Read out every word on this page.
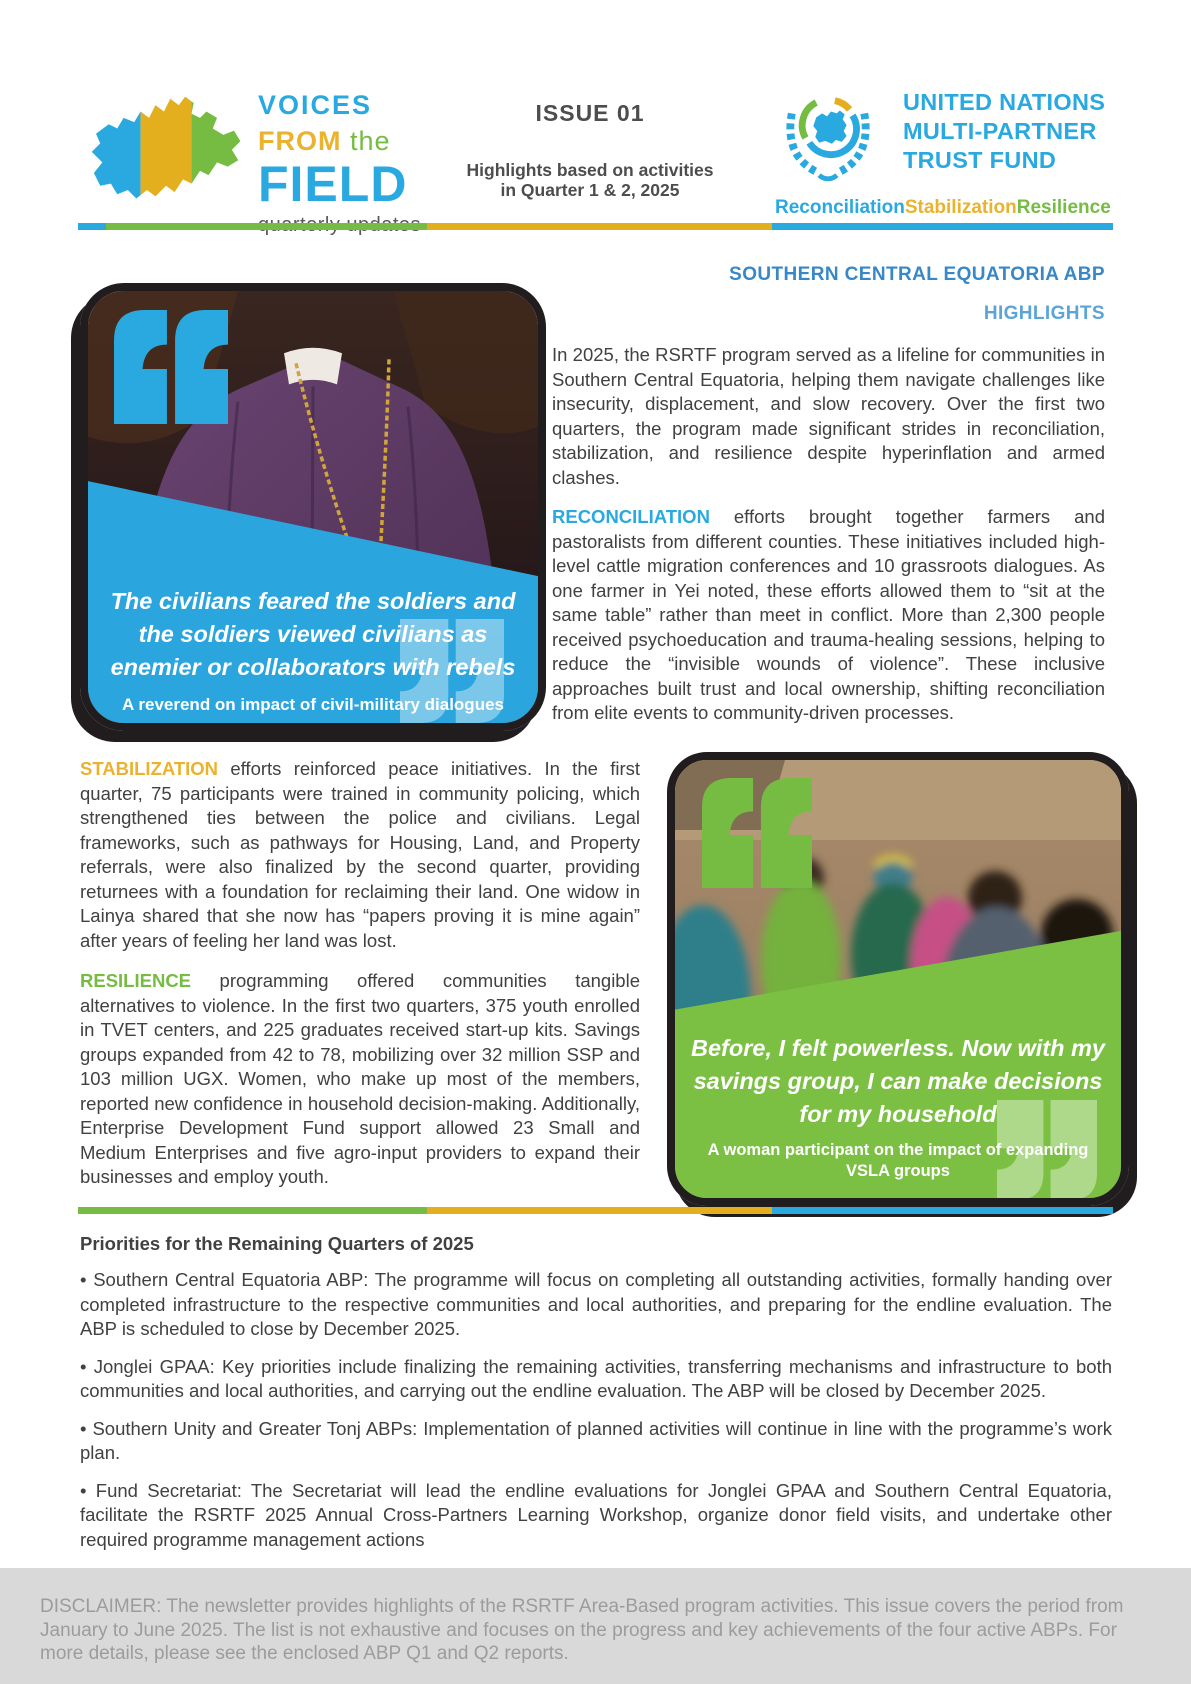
VOICES
FROM the
FIELD
ISSUE 01
Highlights based on activities
in Quarter 1 & 2, 2025
UNITED NATIONS
MULTI-PARTNER
TRUST FUND
Reconciliation Stabilization Resilience

The civilians feared the soldiers and the soldiers viewed civilians as enemier or collaborators with rebels

A reverend on impact of civil-military dialogues

SOUTHERN CENTRAL EQUATORIA ABP
HIGHLIGHTS

In 2025, the RSRTF program served as a lifeline for communities in Southern Central Equatoria, helping them navigate challenges like insecurity, displacement, and slow recovery. Over the first two quarters, the program made significant strides in reconciliation, stabilization, and resilience despite hyperinflation and armed clashes.

RECONCILIATION efforts brought together farmers and pastoralists from different counties. These initiatives included high-level cattle migration conferences and 10 grassroots dialogues. As one farmer in Yei noted, these efforts allowed them to “sit at the same table” rather than meet in conflict. More than 2,300 people received psychoeducation and trauma-healing sessions, helping to reduce the “invisible wounds of violence”. These inclusive approaches built trust and local ownership, shifting reconciliation from elite events to community-driven processes.

STABILIZATION efforts reinforced peace initiatives. In the first quarter, 75 participants were trained in community policing, which strengthened ties between the police and civilians. Legal frameworks, such as pathways for Housing, Land, and Property referrals, were also finalized by the second quarter, providing returnees with a foundation for reclaiming their land. One widow in Lainya shared that she now has “papers proving it is mine again” after years of feeling her land was lost.

RESILIENCE programming offered communities tangible alternatives to violence. In the first two quarters, 375 youth enrolled in TVET centers, and 225 graduates received start-up kits. Savings groups expanded from 42 to 78, mobilizing over 32 million SSP and 103 million UGX. Women, who make up most of the members, reported new confidence in household decision-making. Additionally, Enterprise Development Fund support allowed 23 Small and Medium Enterprises and five agro-input providers to expand their businesses and employ youth.

Before, I felt powerless. Now with my savings group, I can make decisions for my household

A woman participant on the impact of expanding VSLA groups

Priorities for the Remaining Quarters of 2025

• Southern Central Equatoria ABP: The programme will focus on completing all outstanding activities, formally handing over completed infrastructure to the respective communities and local authorities, and preparing for the endline evaluation. The ABP is scheduled to close by December 2025.

• Jonglei GPAA: Key priorities include finalizing the remaining activities, transferring mechanisms and infrastructure to both communities and local authorities, and carrying out the endline evaluation. The ABP will be closed by December 2025.

• Southern Unity and Greater Tonj ABPs: Implementation of planned activities will continue in line with the programme’s work plan.

• Fund Secretariat: The Secretariat will lead the endline evaluations for Jonglei GPAA and Southern Central Equatoria, facilitate the RSRTF 2025 Annual Cross-Partners Learning Workshop, organize donor field visits, and undertake other required programme management actions

DISCLAIMER: The newsletter provides highlights of the RSRTF Area-Based program activities. This issue covers the period from January to June 2025. The list is not exhaustive and focuses on the progress and key achievements of the four active ABPs. For more details, please see the enclosed ABP Q1 and Q2 reports.
